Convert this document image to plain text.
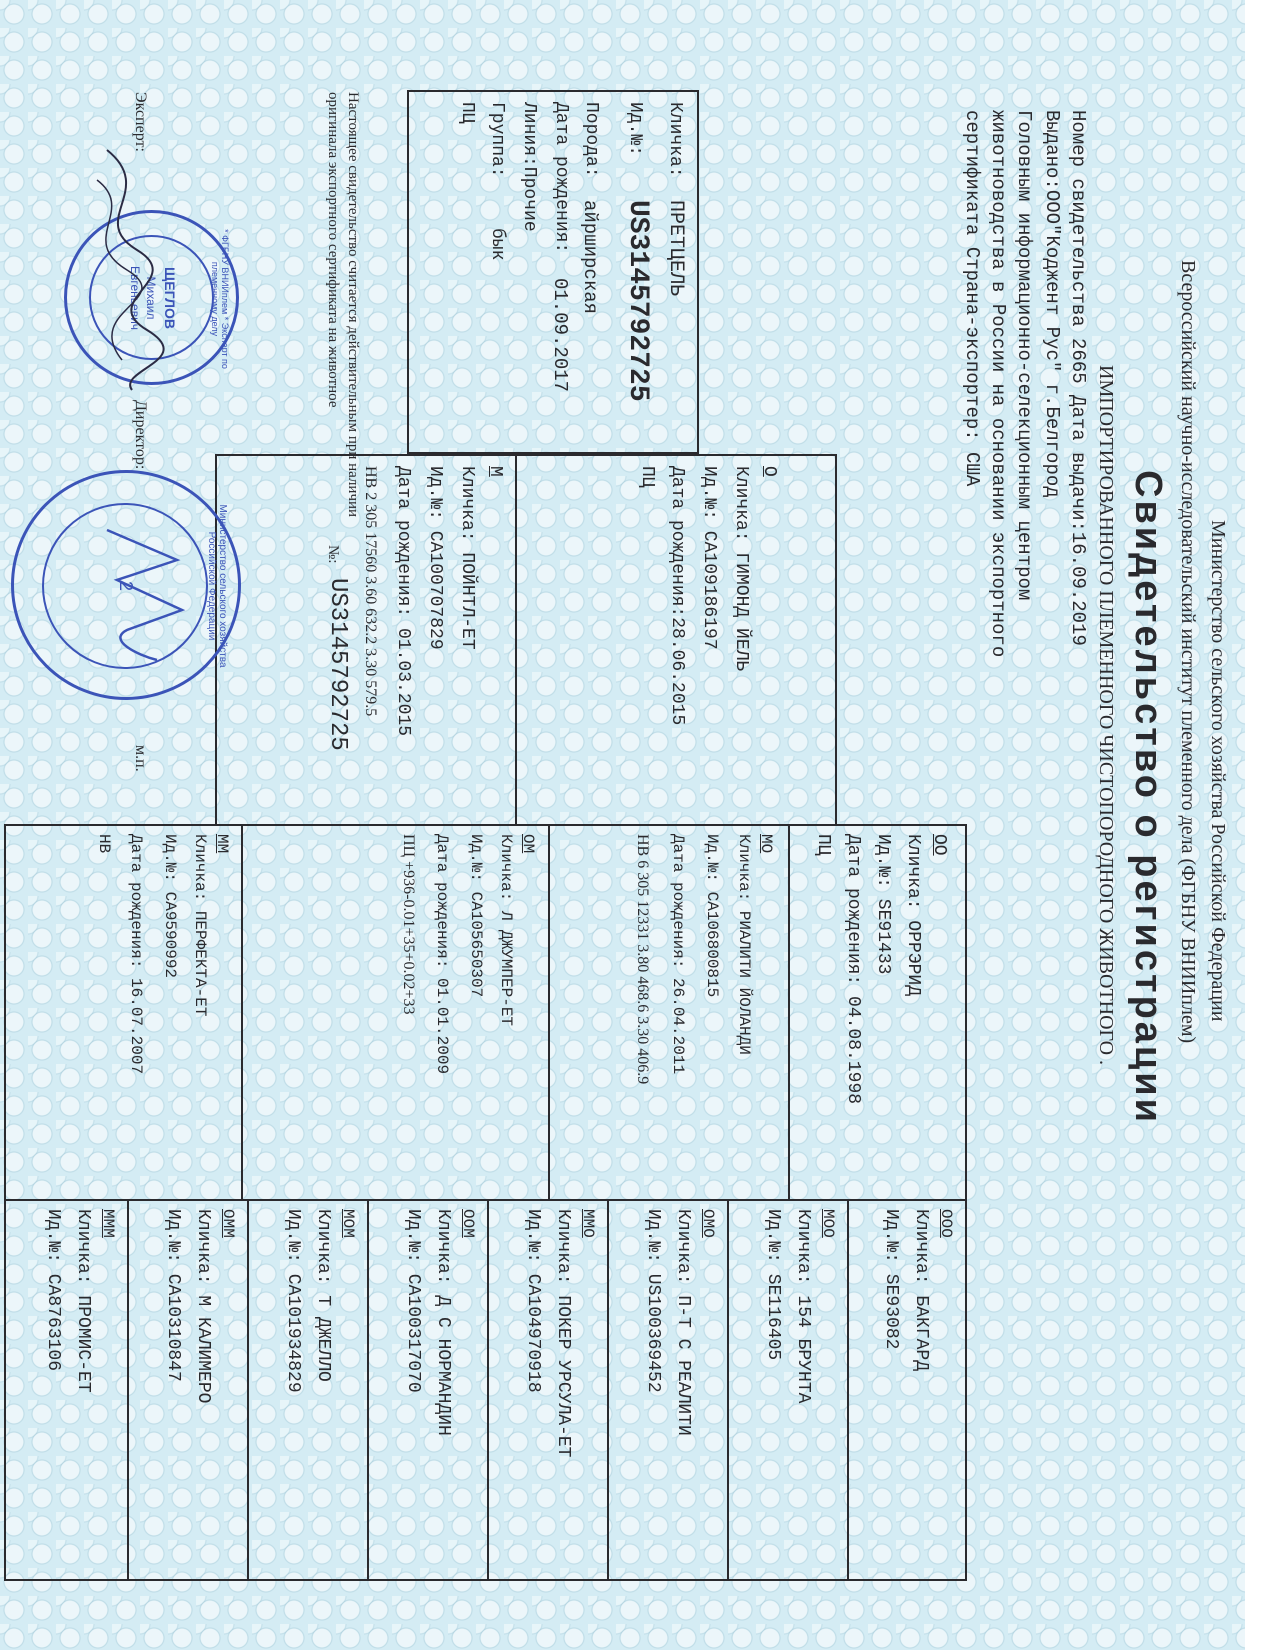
Министерство сельского хозяйства Российской Федерации
Всероссийский научно-исследовательский институт племенного дела (ФГБНУ ВНИИплем)
Свидетельство о регистрации
ИМПОРТИРОВАННОГО ПЛЕМЕННОГО ЧИСТОПОРОДНОГО ЖИВОТНОГО .
Номер свидетельства 2665 Дата выдачи:16.09.2019
Выдано:ООО"Коджент Рус" г.Белгород
Головным информационно-селекционным центром
животноводства в России на основании экспортного
сертификата Страна-экспортер: США
Кличка:
ПРЕТЦЕЛЬ
Ид.№:
US3145792725
Порода:
айрширская
Дата рождения:
01.09.2017
Линия:Прочие
Группа:
бык
ПЦ
О
Кличка: ГИМОНД ЙЕЛЬ
Ид.№: CA109186197
Дата рождения:28.06.2015
ПЦ
М
Кличка: ПОЙНТЛ-ЕТ
Ид.№: CA100707829
Дата рождения: 01.03.2015
НВ 2 305 17560 3.60 632.2 3.30 579.5
ОО
Кличка: ОРРЭРИД
Ид.№: SE91433
Дата рождения: 04.08.1998
ПЦ
МО
Кличка: РИАЛИТИ ЙОЛАНДИ
Ид.№: CA106800815
Дата рождения: 26.04.2011
НВ 6 305 12331 3.80 468.6 3.30 406.9
ОМ
Кличка: Л ДЖУМПЕР-ЕТ
Ид.№: CA105650307
Дата рождения: 01.01.2009
ПЦ +936-0.01+35+0.02+33
ММ
Кличка: ПЕРФЕКТА-ЕТ
Ид.№: CA9590992
Дата рождения: 16.07.2007
НВ
ООО
Кличка: БАКГАРД
Ид.№: SE93082
МОО
Кличка: 154 БРУНТА
Ид.№: SE116405
ОМО
Кличка: П-Т С РЕАЛИТИ
Ид.№: US100369452
ММО
Кличка: ПОКЕР УРСУЛА-ЕТ
Ид.№: CA104970918
ООМ
Кличка: Д С НОРМАНДИН
Ид.№: CA100317070
МОМ
Кличка: Т ДЖЕЛЛО
Ид.№: CA101934829
ОММ
Кличка: М КАЛИМЕРО
Ид.№: CA10310847
МММ
Кличка: ПРОМИС-ЕТ
Ид.№: CA8763106
Настоящее свидетельство считается действительным при наличии
оригинала экспортного сертификата на животное
№:
US3145792725
Эксперт:
Директор:
м.п.
* ФГБНУ ВНИИплем * Эксперт по племенному делу
ЩЕГЛОВ
Михаил
Евгеньевич
Министерство сельского хозяйства Российской Федерации
2
